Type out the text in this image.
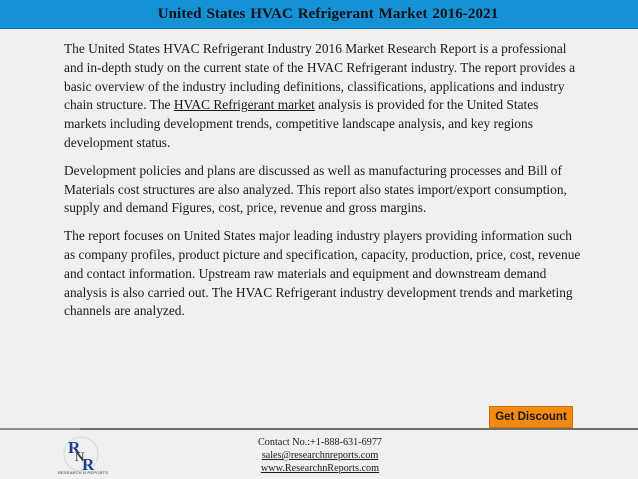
United States HVAC Refrigerant Market 2016-2021

The United States HVAC Refrigerant Industry 2016 Market Research Report is a professional and in-depth study on the current state of the HVAC Refrigerant industry. The report provides a basic overview of the industry including definitions, classifications, applications and industry chain structure. The HVAC Refrigerant market analysis is provided for the United States markets including development trends, competitive landscape analysis, and key regions development status.

Development policies and plans are discussed as well as manufacturing processes and Bill of Materials cost structures are also analyzed. This report also states import/export consumption, supply and demand Figures, cost, price, revenue and gross margins.

The report focuses on United States major leading industry players providing information such as company profiles, product picture and specification, capacity, production, price, cost, revenue and contact information. Upstream raw materials and equipment and downstream demand analysis is also carried out. The HVAC Refrigerant industry development trends and marketing channels are analyzed.

Get Discount
R
N
R
RESEARCH N REPORTS
Contact No.:+1-888-631-6977
sales@researchnreports.com
www.ResearchnReports.com
